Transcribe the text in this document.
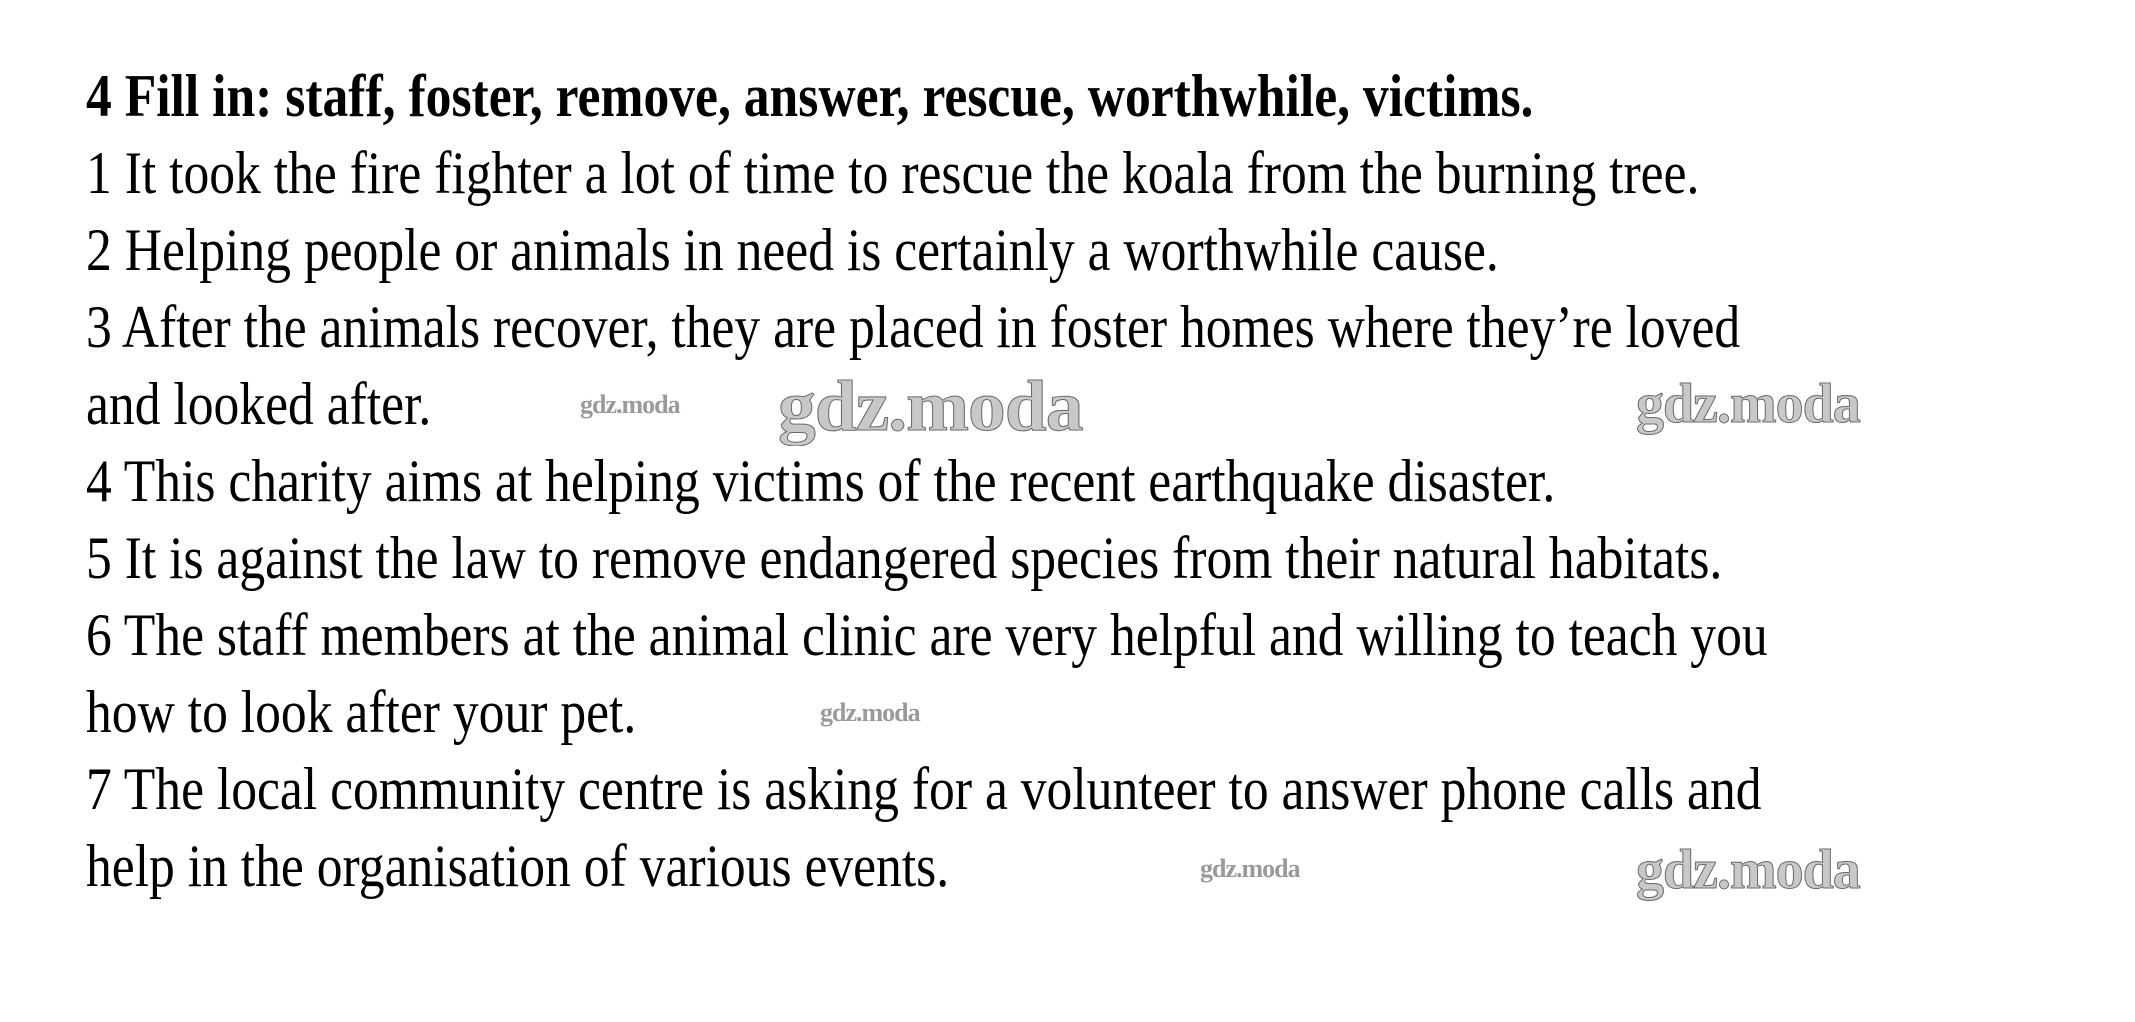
4 Fill in: staff, foster, remove, answer, rescue, worthwhile, victims.
1 It took the fire fighter a lot of time to rescue the koala from the burning tree.
2 Helping people or animals in need is certainly a worthwhile cause.
3 After the animals recover, they are placed in foster homes where they’re loved
and looked after.
4 This charity aims at helping victims of the recent earthquake disaster.
5 It is against the law to remove endangered species from their natural habitats.
6 The staff members at the animal clinic are very helpful and willing to teach you
how to look after your pet.
7 The local community centre is asking for a volunteer to answer phone calls and
help in the organisation of various events.
gdz.moda
gdz.moda
gdz.moda
gdz.moda	gdz.moda
gdz.moda
